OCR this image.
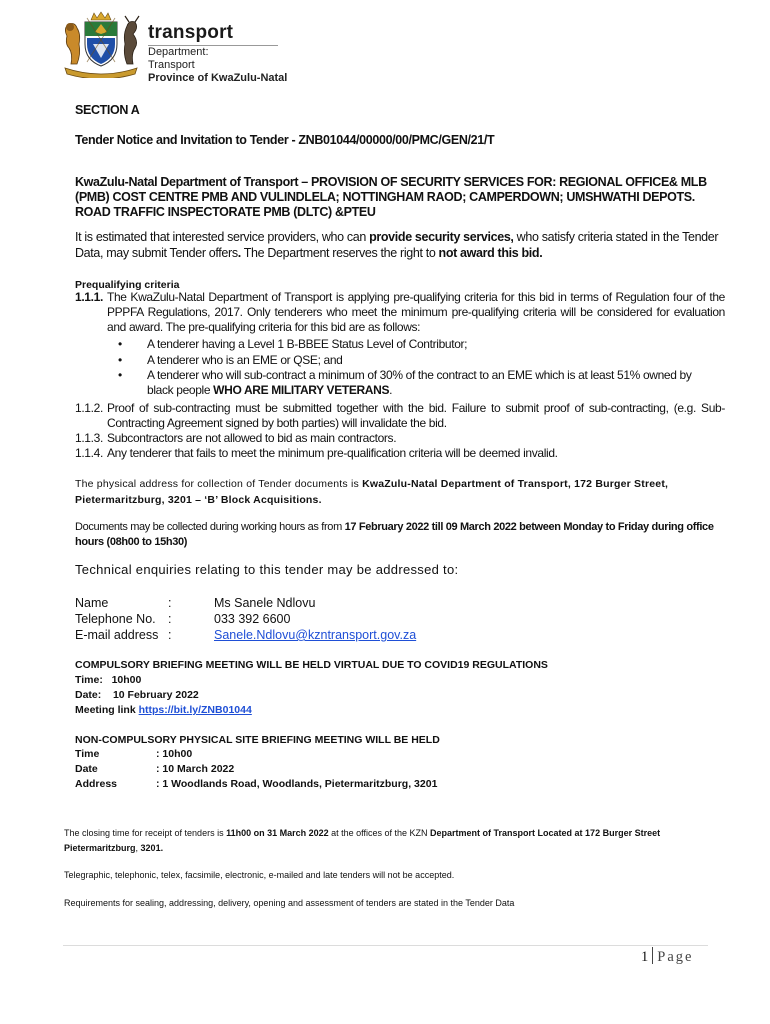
transport
Department:
Transport
Province of KwaZulu-Natal
SECTION A
Tender Notice and Invitation to Tender - ZNB01044/00000/00/PMC/GEN/21/T
KwaZulu-Natal Department of Transport – PROVISION OF SECURITY SERVICES FOR: REGIONAL OFFICE& MLB (PMB) COST CENTRE PMB AND VULINDLELA; NOTTINGHAM RAOD; CAMPERDOWN; UMSHWATHI DEPOTS. ROAD TRAFFIC INSPECTORATE PMB (DLTC) &PTEU
It is estimated that interested service providers, who can provide security services, who satisfy criteria stated in the Tender Data, may submit Tender offers. The Department reserves the right to not award this bid.
Prequalifying criteria
1.1.1. The KwaZulu-Natal Department of Transport is applying pre-qualifying criteria for this bid in terms of Regulation four of the PPPFA Regulations, 2017. Only tenderers who meet the minimum pre-qualifying criteria will be considered for evaluation and award. The pre-qualifying criteria for this bid are as follows:
• A tenderer having a Level 1 B-BBEE Status Level of Contributor;
• A tenderer who is an EME or QSE; and
• A tenderer who will sub-contract a minimum of 30% of the contract to an EME which is at least 51% owned by black people WHO ARE MILITARY VETERANS.
1.1.2. Proof of sub-contracting must be submitted together with the bid. Failure to submit proof of sub-contracting, (e.g. Sub-Contracting Agreement signed by both parties) will invalidate the bid.
1.1.3. Subcontractors are not allowed to bid as main contractors.
1.1.4. Any tenderer that fails to meet the minimum pre-qualification criteria will be deemed invalid.
The physical address for collection of Tender documents is KwaZulu-Natal Department of Transport, 172 Burger Street, Pietermaritzburg, 3201 – ‘B’ Block Acquisitions.
Documents may be collected during working hours as from 17 February 2022 till 09 March 2022 between Monday to Friday during office hours (08h00 to 15h30)
Technical enquiries relating to this tender may be addressed to:
Name	:	Ms Sanele Ndlovu
Telephone No. :	033 392 6600
E-mail address :	Sanele.Ndlovu@kzntransport.gov.za
COMPULSORY BRIEFING MEETING WILL BE HELD VIRTUAL DUE TO COVID19 REGULATIONS
Time: 10h00
Date: 10 February 2022
Meeting link https://bit.ly/ZNB01044
NON-COMPULSORY PHYSICAL SITE BRIEFING MEETING WILL BE HELD
Time	: 10h00
Date	: 10 March 2022
Address	: 1 Woodlands Road, Woodlands, Pietermaritzburg, 3201
The closing time for receipt of tenders is 11h00 on 31 March 2022 at the offices of the KZN Department of Transport Located at 172 Burger Street Pietermaritzburg, 3201.
Telegraphic, telephonic, telex, facsimile, electronic, e-mailed and late tenders will not be accepted.
Requirements for sealing, addressing, delivery, opening and assessment of tenders are stated in the Tender Data
1 Page
